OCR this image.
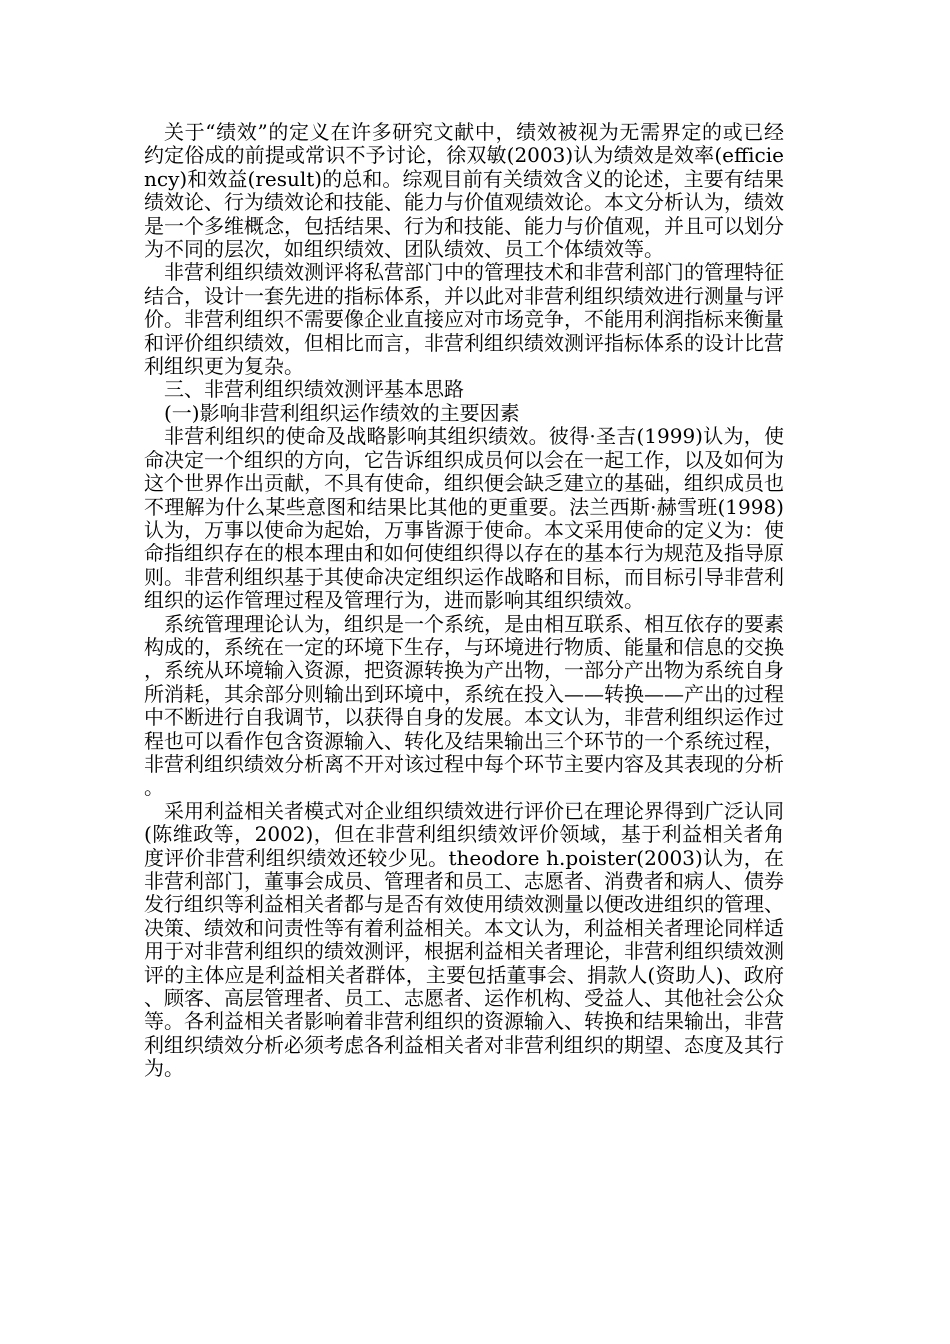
关于“绩效”的定义在许多研究文献中，绩效被视为无需界定的或已经约定俗成的前提或常识不予讨论，徐双敏(2003)认为绩效是效率(efficiency)和效益(result)的总和。综观目前有关绩效含义的论述，主要有结果绩效论、行为绩效论和技能、能力与价值观绩效论。本文分析认为，绩效是一个多维概念，包括结果、行为和技能、能力与价值观，并且可以划分为不同的层次，如组织绩效、团队绩效、员工个体绩效等。

非营利组织绩效测评将私营部门中的管理技术和非营利部门的管理特征结合，设计一套先进的指标体系，并以此对非营利组织绩效进行测量与评价。非营利组织不需要像企业直接应对市场竞争，不能用利润指标来衡量和评价组织绩效，但相比而言，非营利组织绩效测评指标体系的设计比营利组织更为复杂。

三、非营利组织绩效测评基本思路

(一)影响非营利组织运作绩效的主要因素

非营利组织的使命及战略影响其组织绩效。彼得·圣吉(1999)认为，使命决定一个组织的方向，它告诉组织成员何以会在一起工作，以及如何为这个世界作出贡献，不具有使命，组织便会缺乏建立的基础，组织成员也不理解为什么某些意图和结果比其他的更重要。法兰西斯·赫雪班(1998)认为，万事以使命为起始，万事皆源于使命。本文采用使命的定义为：使命指组织存在的根本理由和如何使组织得以存在的基本行为规范及指导原则。非营利组织基于其使命决定组织运作战略和目标，而目标引导非营利组织的运作管理过程及管理行为，进而影响其组织绩效。

系统管理理论认为，组织是一个系统，是由相互联系、相互依存的要素构成的，系统在一定的环境下生存，与环境进行物质、能量和信息的交换，系统从环境输入资源，把资源转换为产出物，一部分产出物为系统自身所消耗，其余部分则输出到环境中，系统在投入——转换——产出的过程中不断进行自我调节，以获得自身的发展。本文认为，非营利组织运作过程也可以看作包含资源输入、转化及结果输出三个环节的一个系统过程，非营利组织绩效分析离不开对该过程中每个环节主要内容及其表现的分析。

采用利益相关者模式对企业组织绩效进行评价已在理论界得到广泛认同(陈维政等，2002)，但在非营利组织绩效评价领域，基于利益相关者角度评价非营利组织绩效还较少见。theodore h.poister(2003)认为，在非营利部门，董事会成员、管理者和员工、志愿者、消费者和病人、债券发行组织等利益相关者都与是否有效使用绩效测量以便改进组织的管理、决策、绩效和问责性等有着利益相关。本文认为，利益相关者理论同样适用于对非营利组织的绩效测评，根据利益相关者理论，非营利组织绩效测评的主体应是利益相关者群体，主要包括董事会、捐款人(资助人)、政府、顾客、高层管理者、员工、志愿者、运作机构、受益人、其他社会公众等。各利益相关者影响着非营利组织的资源输入、转换和结果输出，非营利组织绩效分析必须考虑各利益相关者对非营利组织的期望、态度及其行为。
